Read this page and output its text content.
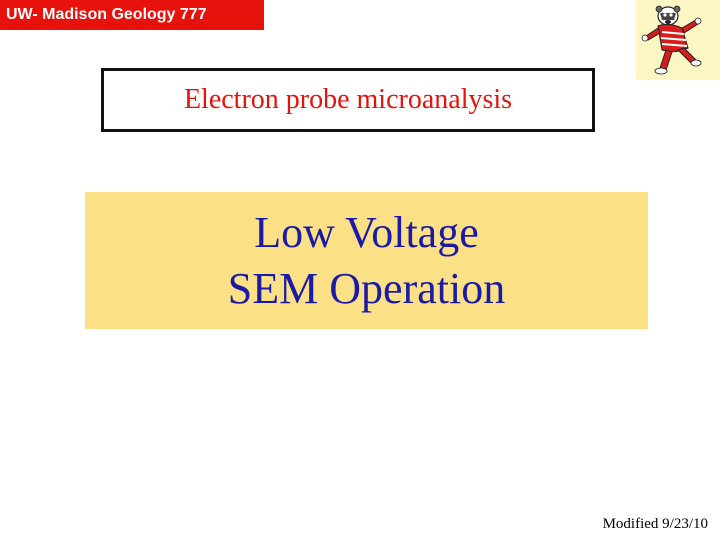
UW- Madison Geology 777
Electron probe microanalysis
Low Voltage
SEM Operation
Modified 9/23/10
